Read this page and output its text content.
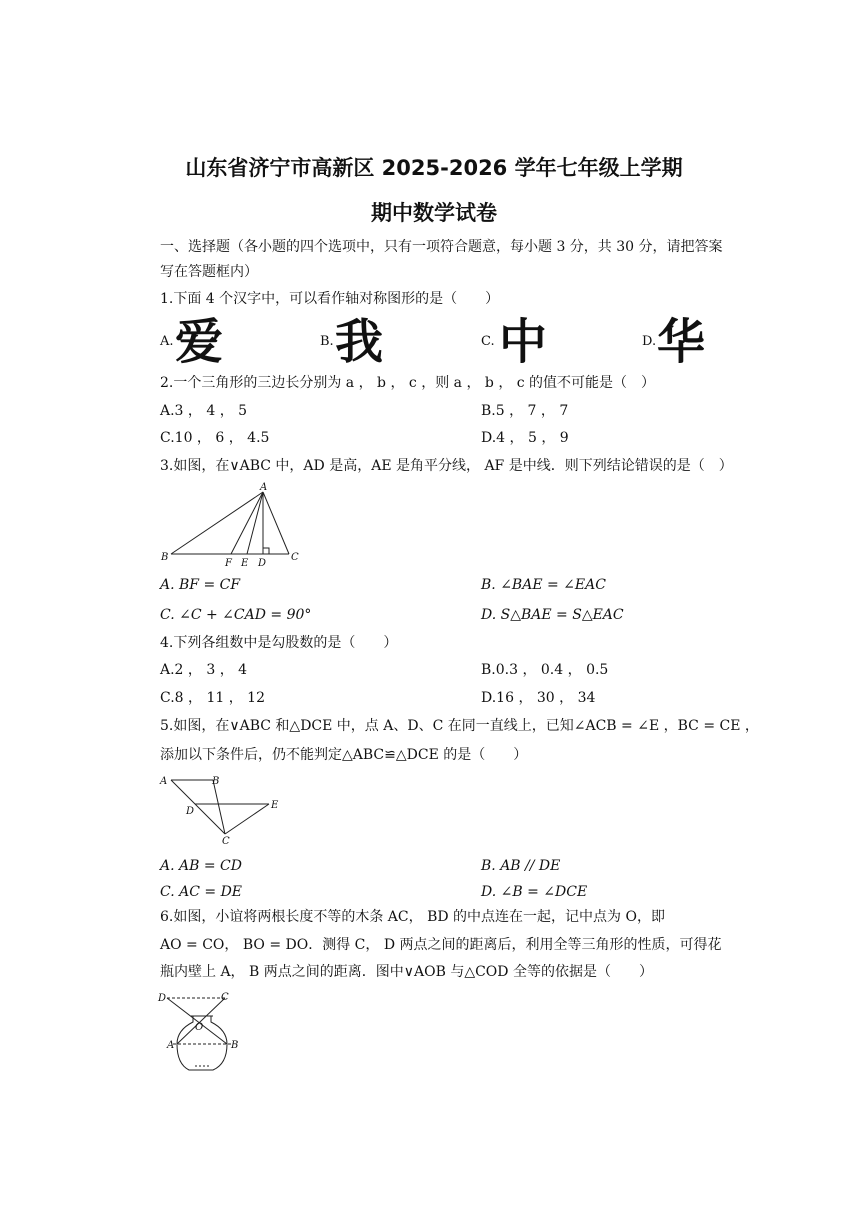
山东省济宁市高新区 2025-2026 学年七年级上学期
期中数学试卷
一、选择题（各小题的四个选项中，只有一项符合题意，每小题 3 分，共 30 分，请把答案
写在答题框内）
1.下面 4 个汉字中，可以看作轴对称图形的是（　　）
A. 爱	B. 我	C. 中	D. 华
2.一个三角形的三边长分别为 a ， b ， c ，则 a ， b ， c 的值不可能是（　）
A.3 ， 4 ， 5	B.5 ， 7 ， 7
C.10 ， 6 ， 4.5	D.4 ， 5 ， 9
3.如图，在∨ABC 中，AD 是高，AE 是角平分线， AF 是中线．则下列结论错误的是（　）
A
B
F E D
C
A. BF = CF	B. ∠BAE = ∠EAC
C. ∠C + ∠CAD = 90°	D. S△BAE = S△EAC
4.下列各组数中是勾股数的是（　　）
A.2 ， 3 ， 4	B.0.3 ， 0.4 ， 0.5
C.8 ， 11 ， 12	D.16 ， 30 ， 34
5.如图，在∨ABC 和△DCE 中，点 A、D、C 在同一直线上，已知∠ACB = ∠E ，BC = CE ，
添加以下条件后，仍不能判定△ABC≌△DCE 的是（　　）
A	B
D
E
C
A. AB = CD	B. AB // DE
C. AC = DE	D. ∠B = ∠DCE
6.如图，小谊将两根长度不等的木条 AC， BD 的中点连在一起，记中点为 O，即
AO = CO， BO = DO．测得 C， D 两点之间的距离后，利用全等三角形的性质，可得花
瓶内壁上 A， B 两点之间的距离．图中∨AOB 与△COD 全等的依据是（　　）
D	C
O
A	B
